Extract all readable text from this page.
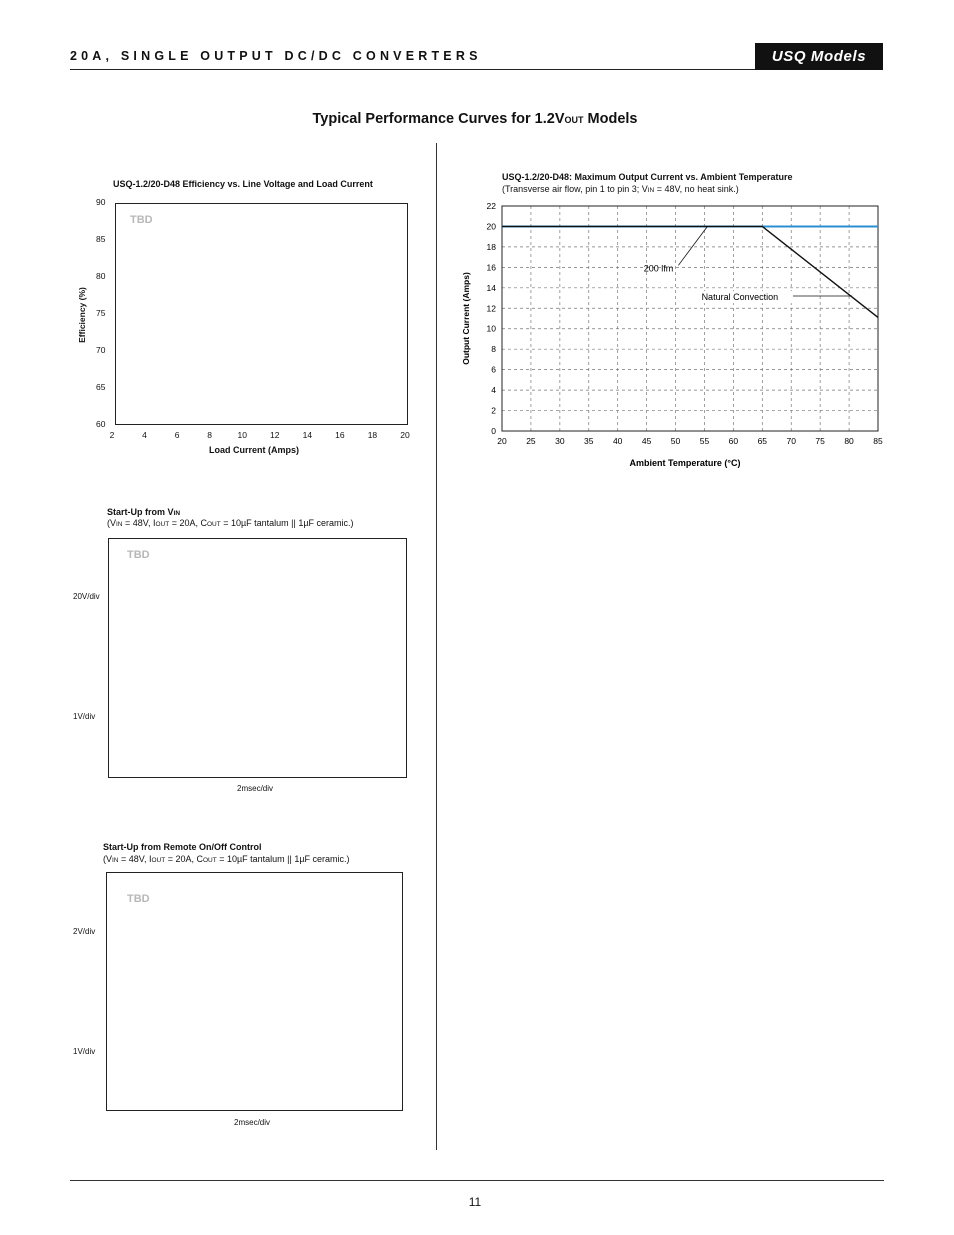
20A, SINGLE OUTPUT DC/DC CONVERTERS	USQ Models
Typical Performance Curves for 1.2VOUT Models
USQ-1.2/20-D48 Efficiency vs. Line Voltage and Load Current
TBD
90
85
80
75
70
65
60
2	4	6	8	10	12	14	16	18	20
Efficiency (%)
Load Current (Amps)
Start-Up from VIN
(VIN = 48V, IOUT = 20A, COUT = 10µF tantalum || 1µF ceramic.)
TBD
20V/div
1V/div
2msec/div
Start-Up from Remote On/Off Control
(VIN = 48V, IOUT = 20A, COUT = 10µF tantalum || 1µF ceramic.)
TBD
2V/div
1V/div
2msec/div
USQ-1.2/20-D48: Maximum Output Current vs. Ambient Temperature
(Transverse air flow, pin 1 to pin 3; VIN = 48V, no heat sink.)
20 25 30 35 40 45 50 55 60 65 70 75 80 85
0
2
4
6
8
10
12
14
16
18
20
22
200 lfm
Natural Convection
Output Current (Amps)
Ambient Temperature (°C)
11
